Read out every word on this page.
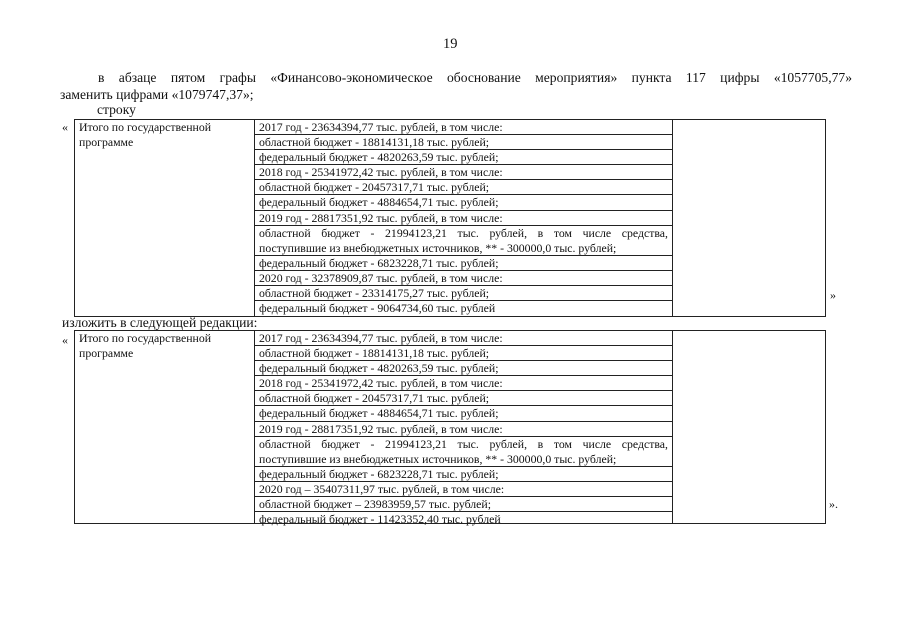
19
в абзаце пятом графы «Финансово-экономическое обоснование мероприятия» пункта 117 цифры «1057705,77»
заменить цифрами «1079747,37»;
строку
« Итого по государственной программе
2017 год - 23634394,77 тыс. рублей, в том числе:
областной бюджет - 18814131,18 тыс. рублей;
федеральный бюджет - 4820263,59 тыс. рублей;
2018 год - 25341972,42 тыс. рублей, в том числе:
областной бюджет - 20457317,71 тыс. рублей;
федеральный бюджет - 4884654,71 тыс. рублей;
2019 год - 28817351,92 тыс. рублей, в том числе:
областной бюджет - 21994123,21 тыс. рублей, в том числе средства,
поступившие из внебюджетных источников, ** - 300000,0 тыс. рублей;
федеральный бюджет - 6823228,71 тыс. рублей;
2020 год - 32378909,87 тыс. рублей, в том числе:
областной бюджет - 23314175,27 тыс. рублей;
федеральный бюджет - 9064734,60 тыс. рублей
»
изложить в следующей редакции:
« Итого по государственной программе
2017 год - 23634394,77 тыс. рублей, в том числе:
областной бюджет - 18814131,18 тыс. рублей;
федеральный бюджет - 4820263,59 тыс. рублей;
2018 год - 25341972,42 тыс. рублей, в том числе:
областной бюджет - 20457317,71 тыс. рублей;
федеральный бюджет - 4884654,71 тыс. рублей;
2019 год - 28817351,92 тыс. рублей, в том числе:
областной бюджет - 21994123,21 тыс. рублей, в том числе средства,
поступившие из внебюджетных источников, ** - 300000,0 тыс. рублей;
федеральный бюджет - 6823228,71 тыс. рублей;
2020 год – 35407311,97 тыс. рублей, в том числе:
областной бюджет – 23983959,57 тыс. рублей;
федеральный бюджет - 11423352,40 тыс. рублей
».
